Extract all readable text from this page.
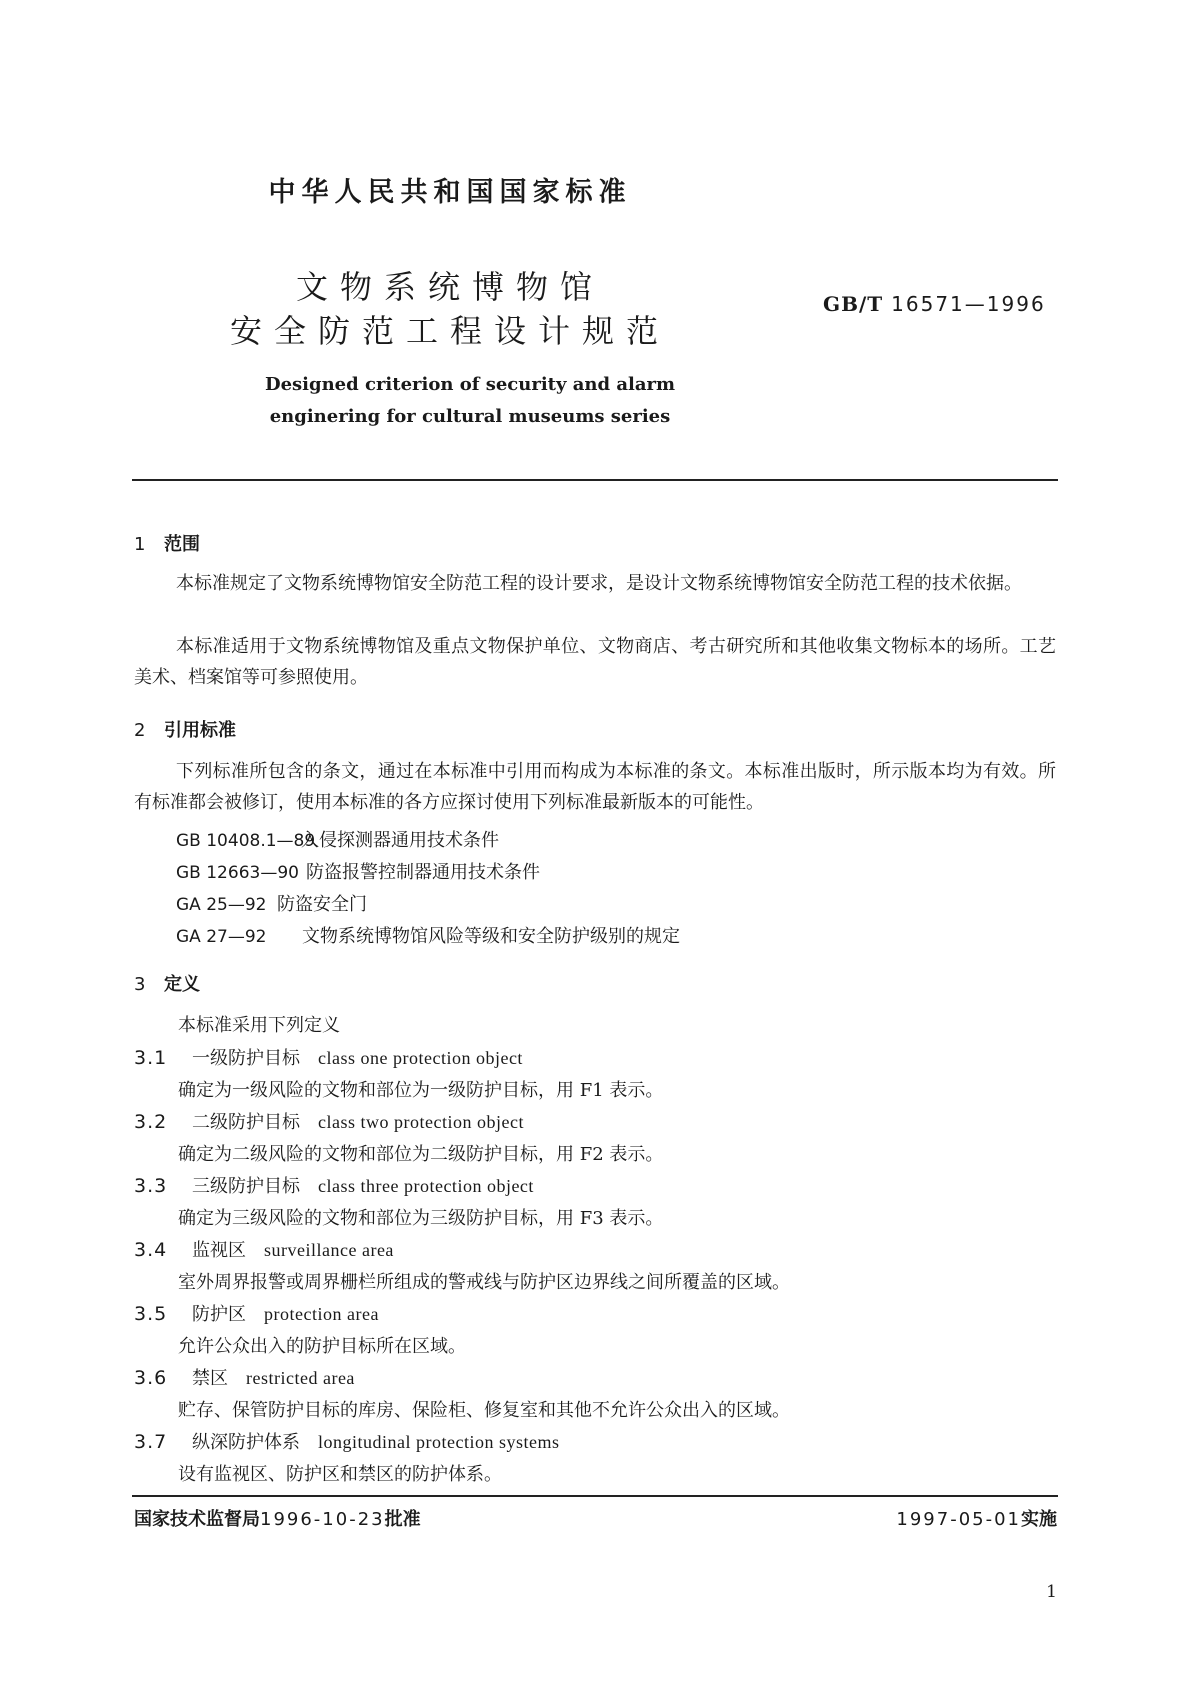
中华人民共和国国家标准
文物系统博物馆
安全防范工程设计规范
GB/T 16571—1996
Designed criterion of security and alarm
enginering for cultural museums series
1 范围
本标准规定了文物系统博物馆安全防范工程的设计要求，是设计文物系统博物馆安全防范工程的技术依据。
本标准适用于文物系统博物馆及重点文物保护单位、文物商店、考古研究所和其他收集文物标本的场所。工艺美术、档案馆等可参照使用。
2 引用标准
下列标准所包含的条文，通过在本标准中引用而构成为本标准的条文。本标准出版时，所示版本均为有效。所有标准都会被修订，使用本标准的各方应探讨使用下列标准最新版本的可能性。
GB 10408.1—89入侵探测器通用技术条件
GB 12663—90 防盗报警控制器通用技术条件
GA 25—92 防盗安全门
GA 27—92 文物系统博物馆风险等级和安全防护级别的规定
3 定义
本标准采用下列定义
3.1 一级防护目标 class one protection object
确定为一级风险的文物和部位为一级防护目标，用 F1 表示。
3.2 二级防护目标 class two protection object
确定为二级风险的文物和部位为二级防护目标，用 F2 表示。
3.3 三级防护目标 class three protection object
确定为三级风险的文物和部位为三级防护目标，用 F3 表示。
3.4 监视区 surveillance area
室外周界报警或周界栅栏所组成的警戒线与防护区边界线之间所覆盖的区域。
3.5 防护区 protection area
允许公众出入的防护目标所在区域。
3.6 禁区 restricted area
贮存、保管防护目标的库房、保险柜、修复室和其他不允许公众出入的区域。
3.7 纵深防护体系 longitudinal protection systems
设有监视区、防护区和禁区的防护体系。
国家技术监督局1996-10-23批准	1997-05-01实施
1
